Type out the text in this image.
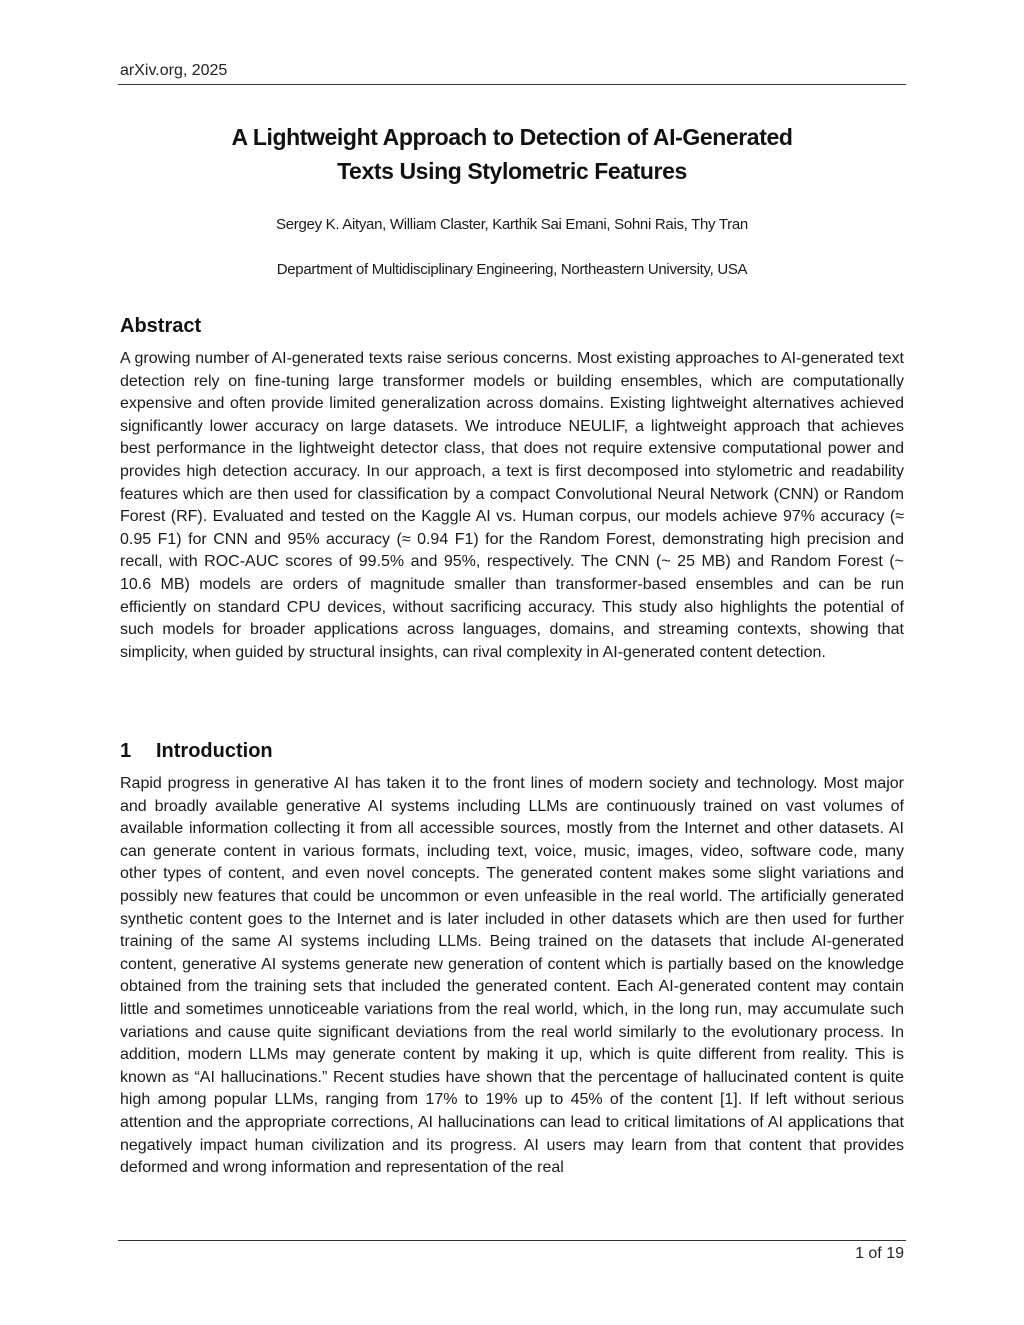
arXiv.org, 2025
A Lightweight Approach to Detection of AI-Generated
Texts Using Stylometric Features
Sergey K. Aityan, William Claster, Karthik Sai Emani, Sohni Rais, Thy Tran
Department of Multidisciplinary Engineering, Northeastern University, USA
Abstract

A growing number of AI-generated texts raise serious concerns. Most existing approaches to AI-generated text detection rely on fine-tuning large transformer models or building ensembles, which are computationally expensive and often provide limited generalization across domains. Existing lightweight alternatives achieved significantly lower accuracy on large datasets. We introduce NEULIF, a lightweight approach that achieves best performance in the lightweight detector class, that does not require extensive computational power and provides high detection accuracy. In our approach, a text is first decomposed into stylometric and readability features which are then used for classification by a compact Convolutional Neural Network (CNN) or Random Forest (RF). Evaluated and tested on the Kaggle AI vs. Human corpus, our models achieve 97% accuracy (≈ 0.95 F1) for CNN and 95% accuracy (≈ 0.94 F1) for the Random Forest, demonstrating high precision and recall, with ROC-AUC scores of 99.5% and 95%, respectively. The CNN (~ 25 MB) and Random Forest (~ 10.6 MB) models are orders of magnitude smaller than transformer-based ensembles and can be run efficiently on standard CPU devices, without sacrificing accuracy. This study also highlights the potential of such models for broader applications across languages, domains, and streaming contexts, showing that simplicity, when guided by structural insights, can rival complexity in AI-generated content detection.

1 Introduction

Rapid progress in generative AI has taken it to the front lines of modern society and technology. Most major and broadly available generative AI systems including LLMs are continuously trained on vast volumes of available information collecting it from all accessible sources, mostly from the Internet and other datasets. AI can generate content in various formats, including text, voice, music, images, video, software code, many other types of content, and even novel concepts. The generated content makes some slight variations and possibly new features that could be uncommon or even unfeasible in the real world. The artificially generated synthetic content goes to the Internet and is later included in other datasets which are then used for further training of the same AI systems including LLMs. Being trained on the datasets that include AI-generated content, generative AI systems generate new generation of content which is partially based on the knowledge obtained from the training sets that included the generated content. Each AI-generated content may contain little and sometimes unnoticeable variations from the real world, which, in the long run, may accumulate such variations and cause quite significant deviations from the real world similarly to the evolutionary process. In addition, modern LLMs may generate content by making it up, which is quite different from reality. This is known as “AI hallucinations.” Recent studies have shown that the percentage of hallucinated content is quite high among popular LLMs, ranging from 17% to 19% up to 45% of the content [1]. If left without serious attention and the appropriate corrections, AI hallucinations can lead to critical limitations of AI applications that negatively impact human civilization and its progress. AI users may learn from that content that provides deformed and wrong information and representation of the real

1 of 19
